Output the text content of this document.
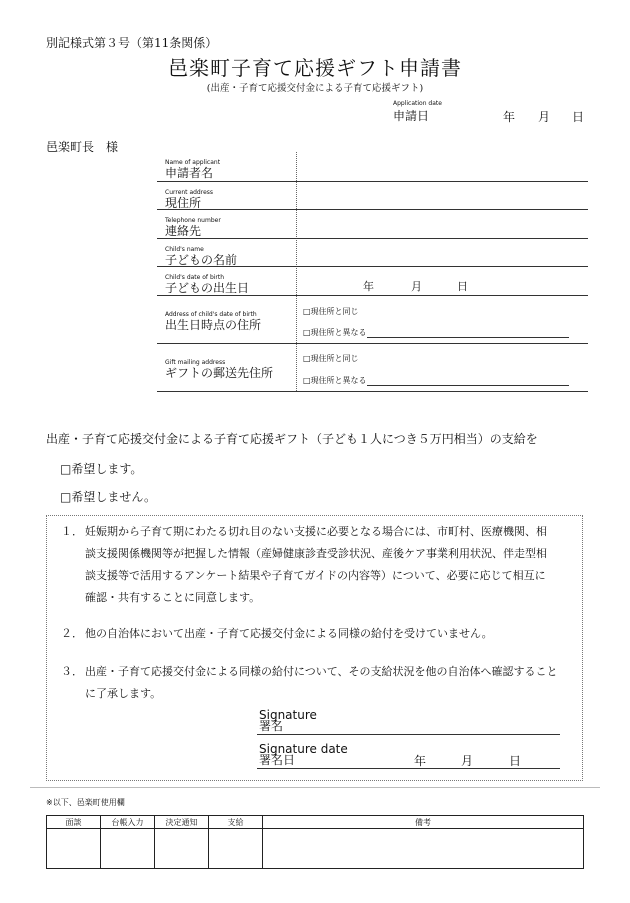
別記様式第３号（第11条関係）
邑楽町子育て応援ギフト申請書
(出産・子育て応援交付金による子育て応援ギフト)
Application date
申請日	年 月 日
邑楽町長　様
Name of applicant
申請者名
Current address
現住所
Telephone number
連絡先
Child's name
子どもの名前
Child's date of birth
子どもの出生日	年	月	日
Address of child's date of birth
出生日時点の住所
□現住所と同じ
□現住所と異なる
Gift mailing address
ギフトの郵送先住所
□現住所と同じ
□現住所と異なる
出産・子育て応援交付金による子育て応援ギフト（子ども１人につき５万円相当）の支給を
□希望します。
□希望しません。
１． 妊娠期から子育て期にわたる切れ目のない支援に必要となる場合には、市町村、医療機関、相
談支援関係機関等が把握した情報（産婦健康診査受診状況、産後ケア事業利用状況、伴走型相
談支援等で活用するアンケート結果や子育てガイドの内容等）について、必要に応じて相互に
確認・共有することに同意します。
２． 他の自治体において出産・子育て応援交付金による同様の給付を受けていません。
３． 出産・子育て応援交付金による同様の給付について、その支給状況を他の自治体へ確認すること
に了承します。
Signature
署名
Signature date
署名日	年	月	日
※以下、邑楽町使用欄
面談	台帳入力	決定通知	支給	備考
